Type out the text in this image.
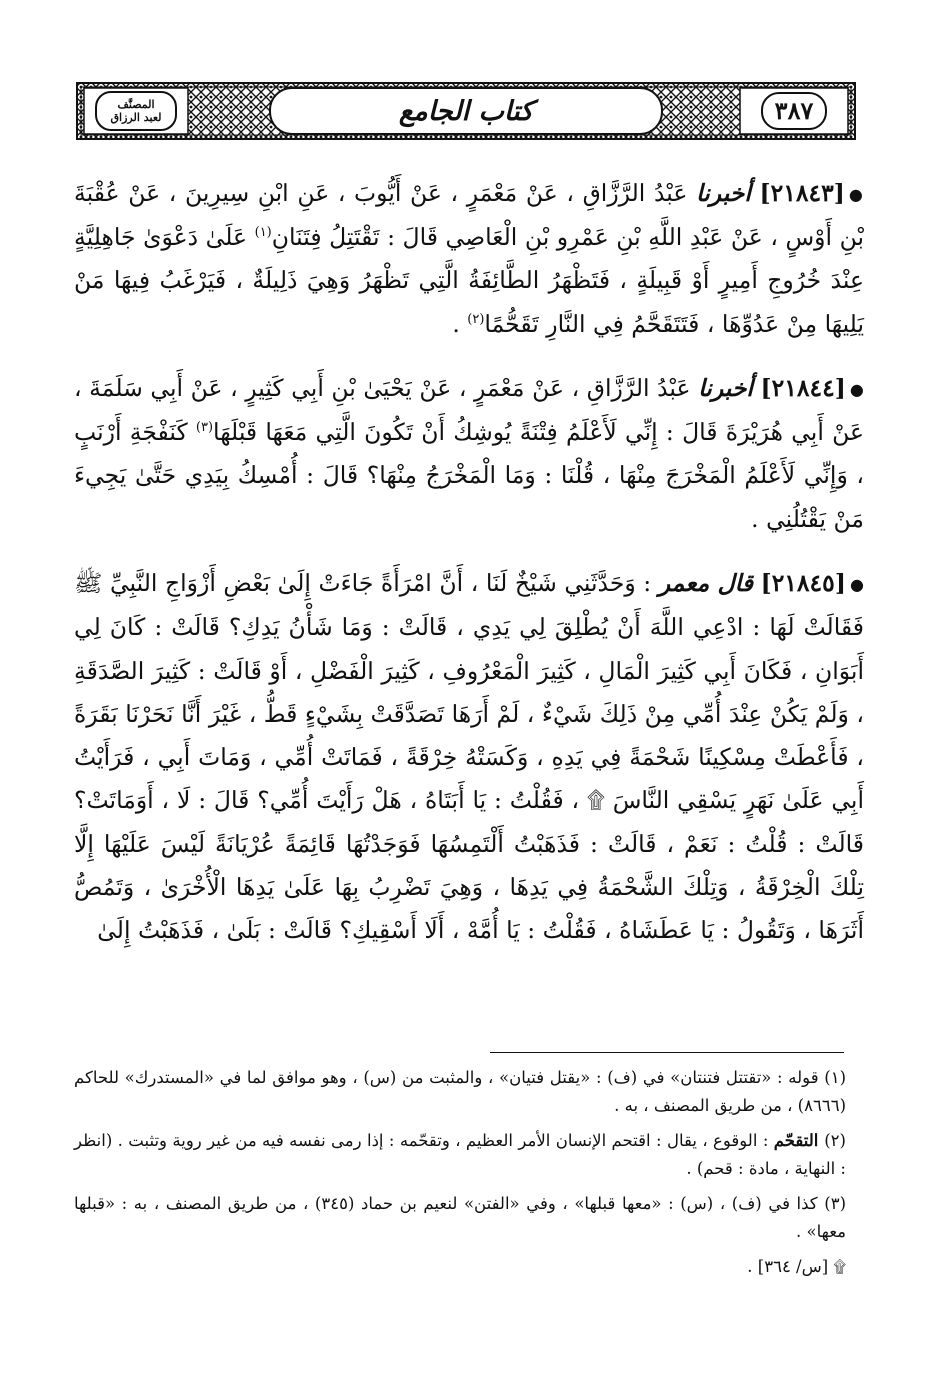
٣٨٧
كتاب الجامع
المصنَّف
لعبد الرزاق

●[٢١٨٤٣] أخبرنا عَبْدُ الرَّزَّاقِ ، عَنْ مَعْمَرٍ ، عَنْ أَيُّوبَ ، عَنِ ابْنِ سِيرِينَ ، عَنْ عُقْبَةَ بْنِ أَوْسٍ ، عَنْ عَبْدِ اللَّهِ بْنِ عَمْرِو بْنِ الْعَاصِي قَالَ : تَقْتَتِلُ فِتَنَانِ$^{(١)}$ عَلَىٰ دَعْوَىٰ جَاهِلِيَّةٍ عِنْدَ خُرُوجِ أَمِيرٍ أَوْ قَبِيلَةٍ ، فَتَظْهَرُ الطَّائِفَةُ الَّتِي تَظْهَرُ وَهِيَ ذَلِيلَةٌ ، فَيَرْغَبُ فِيهَا مَنْ يَلِيهَا مِنْ عَدُوِّهَا ، فَتَتَقَحَّمُ فِي النَّارِ تَقَحُّمًا$^{(٢)}$ .

●[٢١٨٤٤] أخبرنا عَبْدُ الرَّزَّاقِ ، عَنْ مَعْمَرٍ ، عَنْ يَحْيَىٰ بْنِ أَبِي كَثِيرٍ ، عَنْ أَبِي سَلَمَةَ ، عَنْ أَبِي هُرَيْرَةَ قَالَ : إِنِّي لَأَعْلَمُ فِتْنَةً يُوشِكُ أَنْ تَكُونَ الَّتِي مَعَهَا قَبْلَهَا$^{(٣)}$ كَنَفْجَةِ أَرْنَبٍ ، وَإِنِّي لَأَعْلَمُ الْمَخْرَجَ مِنْهَا ، قُلْنَا : وَمَا الْمَخْرَجُ مِنْهَا؟ قَالَ : أُمْسِكُ بِيَدِي حَتَّىٰ يَجِيءَ مَنْ يَقْتُلُنِي .

●[٢١٨٤٥] قال معمر : وَحَدَّثَنِي شَيْخٌ لَنَا ، أَنَّ امْرَأَةً جَاءَتْ إِلَىٰ بَعْضِ أَزْوَاجِ النَّبِيِّ ﷺ فَقَالَتْ لَهَا : ادْعِي اللَّهَ أَنْ يُطْلِقَ لِي يَدِي ، قَالَتْ : وَمَا شَأْنُ يَدِكِ؟ قَالَتْ : كَانَ لِي أَبَوَانِ ، فَكَانَ أَبِي كَثِيرَ الْمَالِ ، كَثِيرَ الْمَعْرُوفِ ، كَثِيرَ الْفَضْلِ ، أَوْ قَالَتْ : كَثِيرَ الصَّدَقَةِ ، وَلَمْ يَكُنْ عِنْدَ أُمِّي مِنْ ذَلِكَ شَيْءٌ ، لَمْ أَرَهَا تَصَدَّقَتْ بِشَيْءٍ قَطُّ ، غَيْرَ أَنَّا نَحَرْنَا بَقَرَةً ، فَأَعْطَتْ مِسْكِينًا شَحْمَةً فِي يَدِهِ ، وَكَسَتْهُ خِرْقَةً ، فَمَاتَتْ أُمِّي ، وَمَاتَ أَبِي ، فَرَأَيْتُ أَبِي عَلَىٰ نَهَرٍ يَسْقِي النَّاسَ ۩ ، فَقُلْتُ : يَا أَبَتَاهُ ، هَلْ رَأَيْتَ أُمِّي؟ قَالَ : لَا ، أَوَمَاتَتْ؟ قَالَتْ : قُلْتُ : نَعَمْ ، قَالَتْ : فَذَهَبْتُ أَلْتَمِسُهَا فَوَجَدْتُهَا قَائِمَةً عُرْيَانَةً لَيْسَ عَلَيْهَا إِلَّا تِلْكَ الْخِرْقَةُ ، وَتِلْكَ الشَّحْمَةُ فِي يَدِهَا ، وَهِيَ تَضْرِبُ بِهَا عَلَىٰ يَدِهَا الْأُخْرَىٰ ، وَتَمُصُّ أَثَرَهَا ، وَتَقُولُ : يَا عَطَشَاهُ ، فَقُلْتُ : يَا أُمَّهْ ، أَلَا أَسْقِيكِ؟ قَالَتْ : بَلَىٰ ، فَذَهَبْتُ إِلَىٰ

(١) قوله : «تقتتل فتنتان» في (ف) : «يقتل فتيان» ، والمثبت من (س) ، وهو موافق لما في «المستدرك» للحاكم (٨٦٦٦) ، من طريق المصنف ، به .

(٢) التقحّم : الوقوع ، يقال : اقتحم الإنسان الأمر العظيم ، وتقحّمه : إذا رمى نفسه فيه من غير روية وتثبت . (انظر : النهاية ، مادة : قحم) .

(٣) كذا في (ف) ، (س) : «معها قبلها» ، وفي «الفتن» لنعيم بن حماد (٣٤٥) ، من طريق المصنف ، به : «قبلها معها» .

۩ [س/ ٣٦٤] .
